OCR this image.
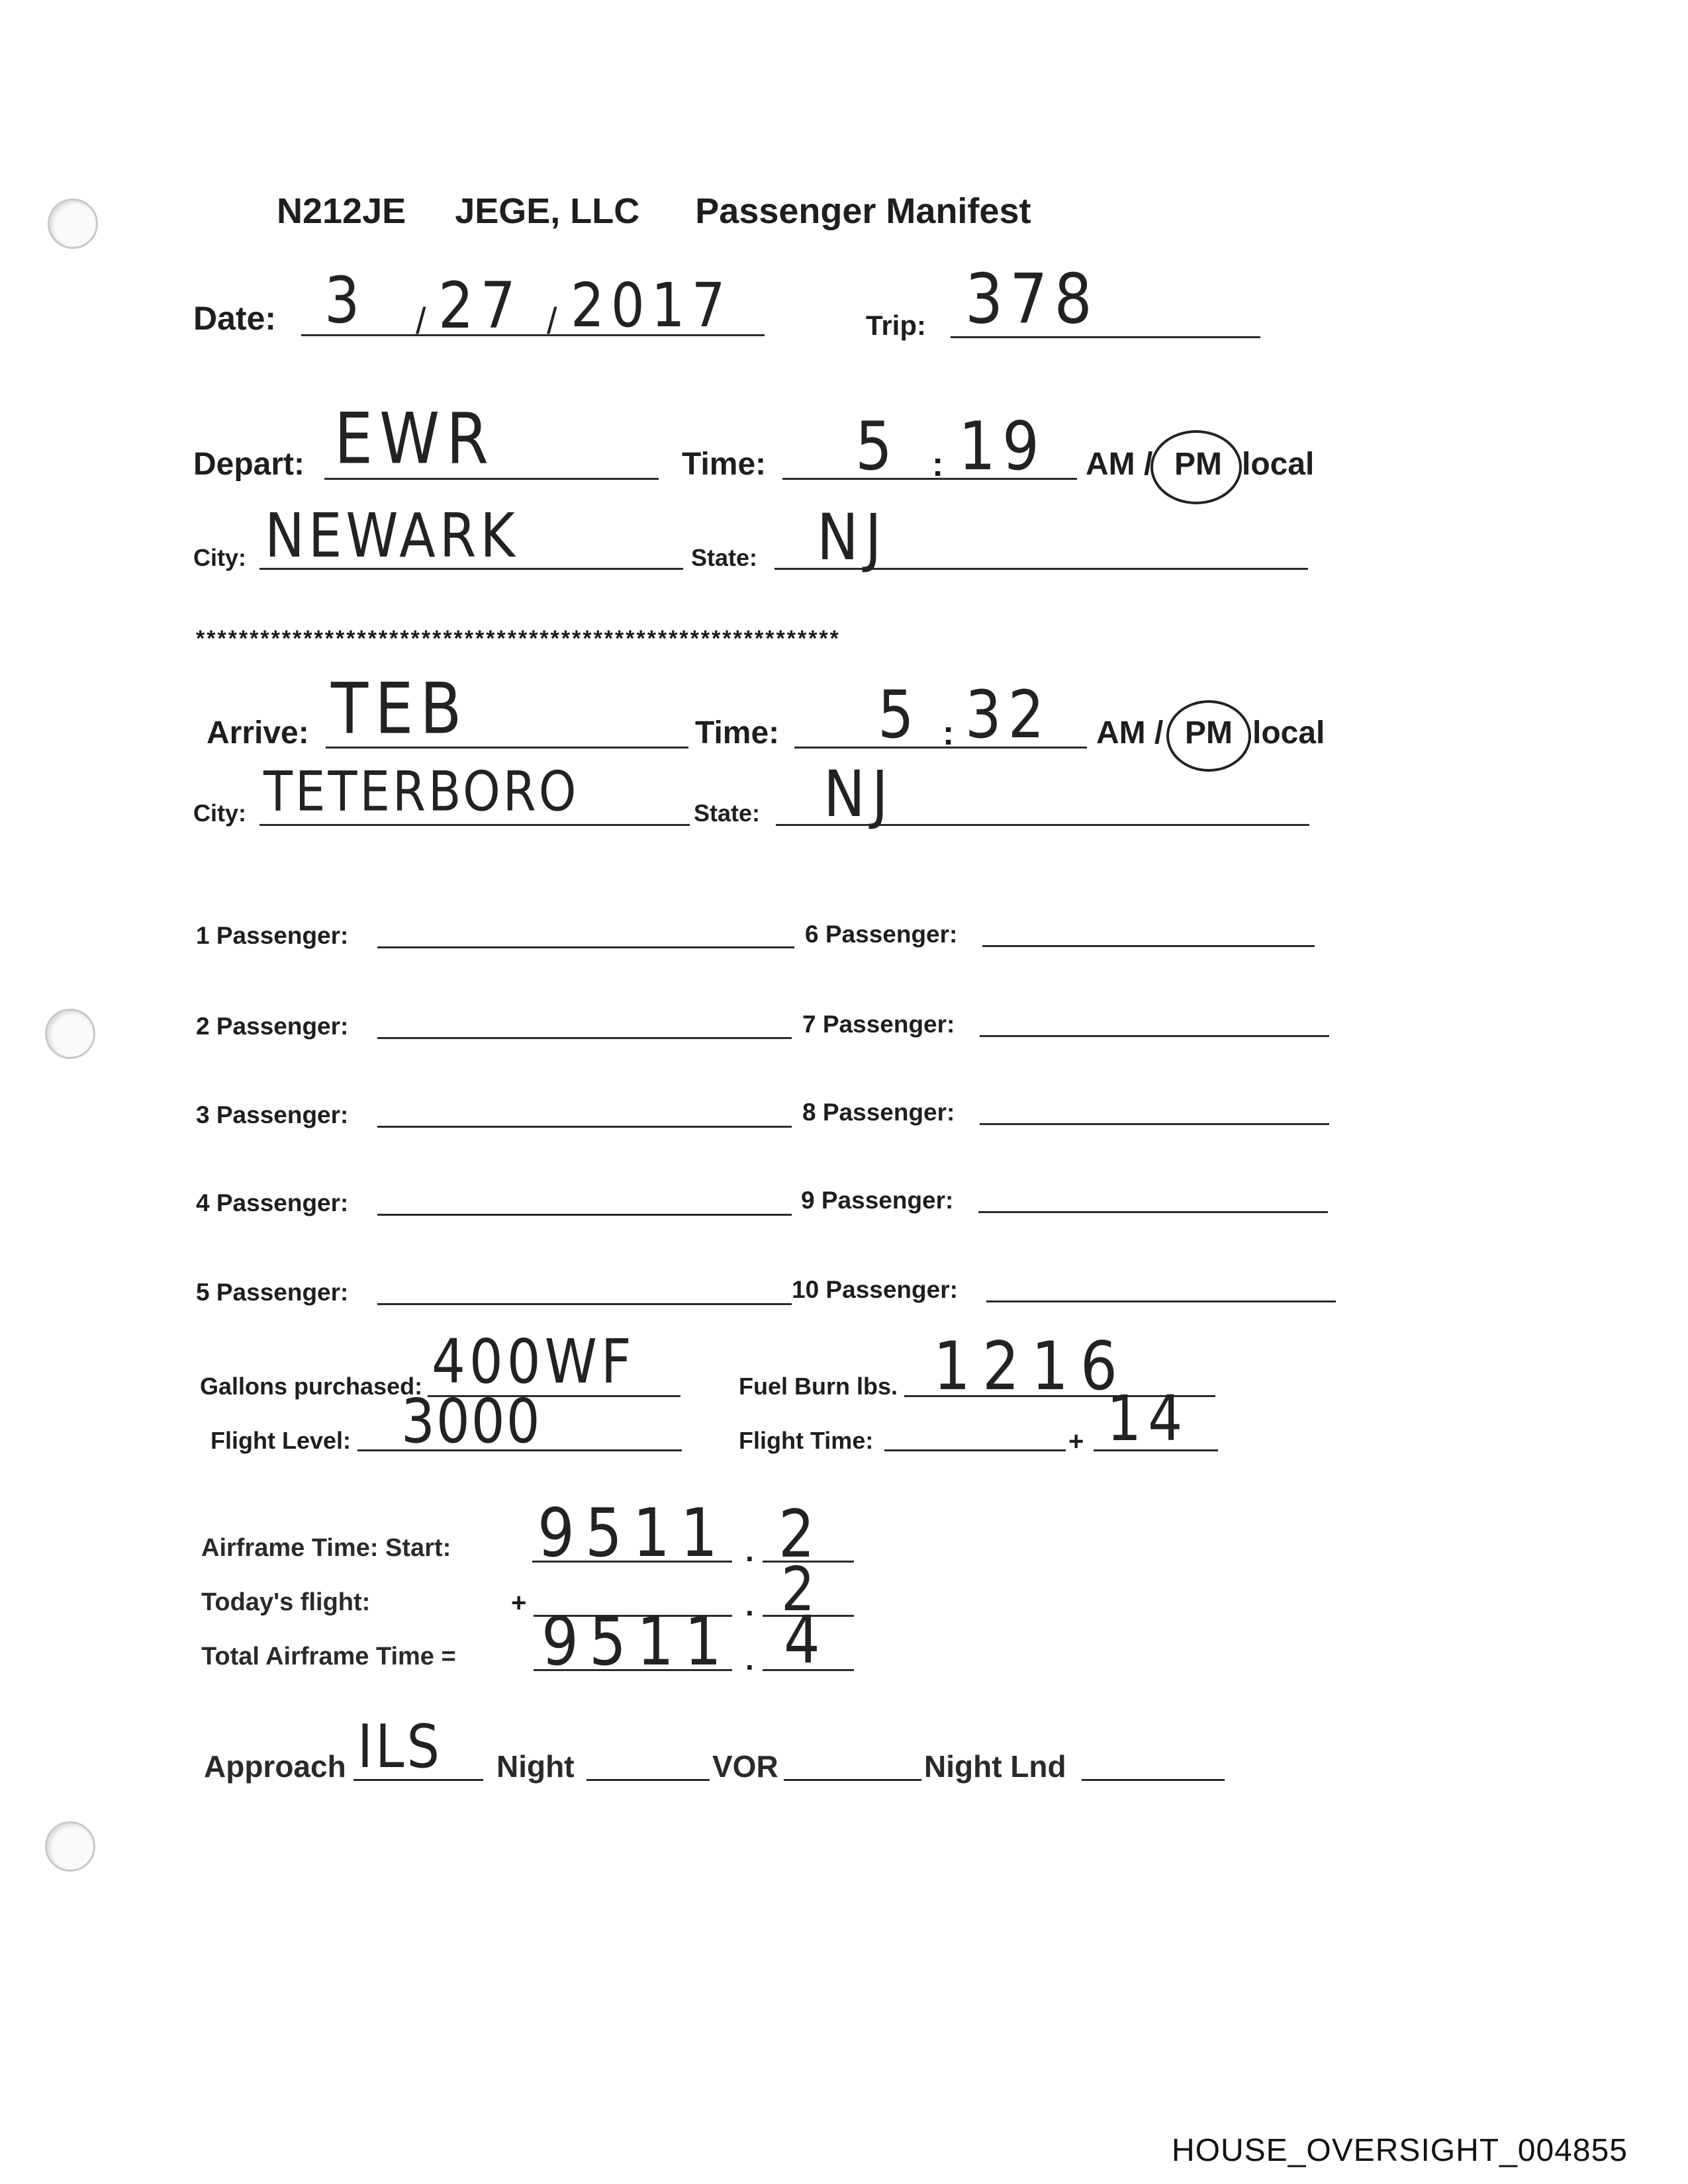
N212JE JEGE, LLC Passenger Manifest
Date: 3 / 27 / 2017	Trip: 378
Depart: EWR	Time: 5 : 19 AM / PM local
City: NEWARK	State: NJ
************************************************************
Arrive: TEB	Time: 5 : 32 AM / PM local
City: TETERBORO	State: NJ
1 Passenger:
2 Passenger:
3 Passenger:
4 Passenger:
5 Passenger:
6 Passenger:
7 Passenger:
8 Passenger:
9 Passenger:
10 Passenger:
Gallons purchased: 400WF	Fuel Burn lbs. 1216
Flight Level: 3000	Flight Time:	+ 14
Airframe Time: Start: 9511 . 2
Today's flight:	+	. 2
Total Airframe Time = 9511 . 4
Approach ILS Night	VOR	Night Lnd
HOUSE_OVERSIGHT_004855
